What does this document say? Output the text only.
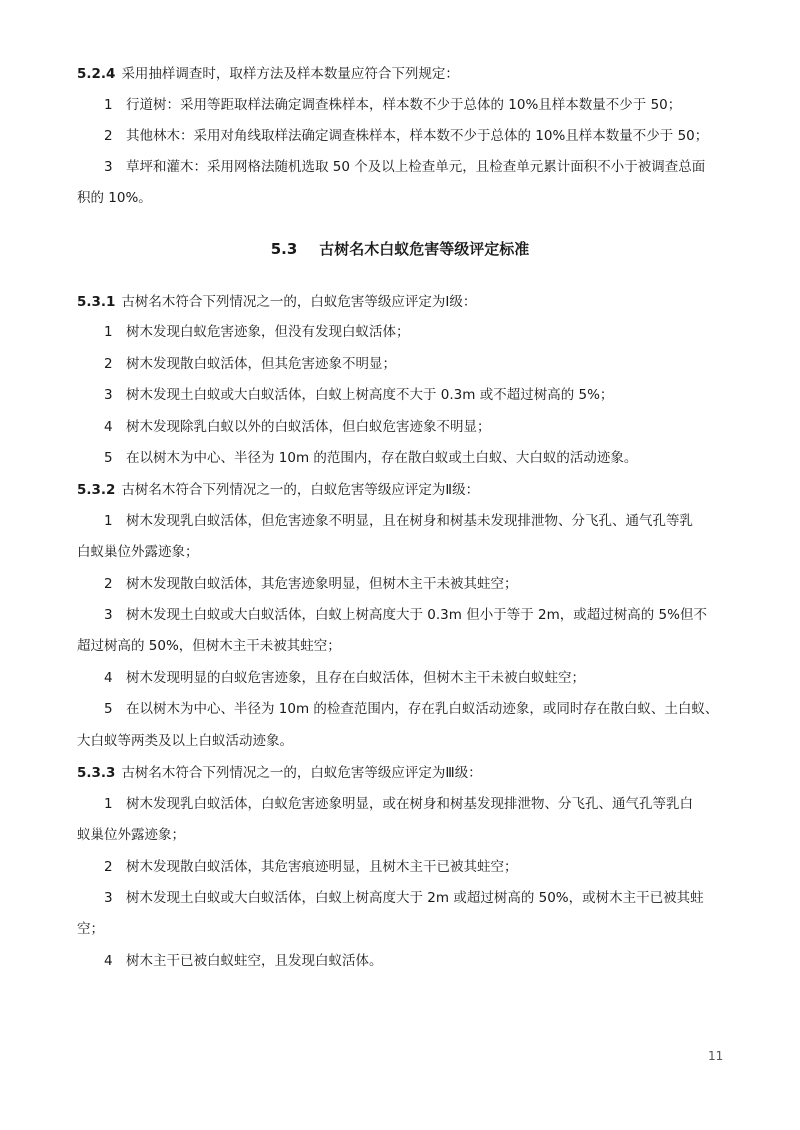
5.2.4 采用抽样调查时，取样方法及样本数量应符合下列规定：
1 行道树：采用等距取样法确定调查株样本，样本数不少于总体的 10%且样本数量不少于 50；
2 其他林木：采用对角线取样法确定调查株样本，样本数不少于总体的 10%且样本数量不少于 50；
3 草坪和灌木：采用网格法随机选取 50 个及以上检查单元，且检查单元累计面积不小于被调查总面
积的 10%。
5.3 古树名木白蚁危害等级评定标准
5.3.1 古树名木符合下列情况之一的，白蚁危害等级应评定为Ⅰ级：
1 树木发现白蚁危害迹象，但没有发现白蚁活体；
2 树木发现散白蚁活体，但其危害迹象不明显；
3 树木发现土白蚁或大白蚁活体，白蚁上树高度不大于 0.3m 或不超过树高的 5%；
4 树木发现除乳白蚁以外的白蚁活体，但白蚁危害迹象不明显；
5 在以树木为中心、半径为 10m 的范围内，存在散白蚁或土白蚁、大白蚁的活动迹象。
5.3.2 古树名木符合下列情况之一的，白蚁危害等级应评定为Ⅱ级：
1 树木发现乳白蚁活体，但危害迹象不明显，且在树身和树基未发现排泄物、分飞孔、通气孔等乳
白蚁巢位外露迹象；
2 树木发现散白蚁活体，其危害迹象明显，但树木主干未被其蛀空；
3 树木发现土白蚁或大白蚁活体，白蚁上树高度大于 0.3m 但小于等于 2m，或超过树高的 5%但不
超过树高的 50%，但树木主干未被其蛀空；
4 树木发现明显的白蚁危害迹象，且存在白蚁活体，但树木主干未被白蚁蛀空；
5 在以树木为中心、半径为 10m 的检查范围内，存在乳白蚁活动迹象，或同时存在散白蚁、土白蚁、
大白蚁等两类及以上白蚁活动迹象。
5.3.3 古树名木符合下列情况之一的，白蚁危害等级应评定为Ⅲ级：
1 树木发现乳白蚁活体，白蚁危害迹象明显，或在树身和树基发现排泄物、分飞孔、通气孔等乳白
蚁巢位外露迹象；
2 树木发现散白蚁活体，其危害痕迹明显，且树木主干已被其蛀空；
3 树木发现土白蚁或大白蚁活体，白蚁上树高度大于 2m 或超过树高的 50%，或树木主干已被其蛀
空；
4 树木主干已被白蚁蛀空，且发现白蚁活体。
11
